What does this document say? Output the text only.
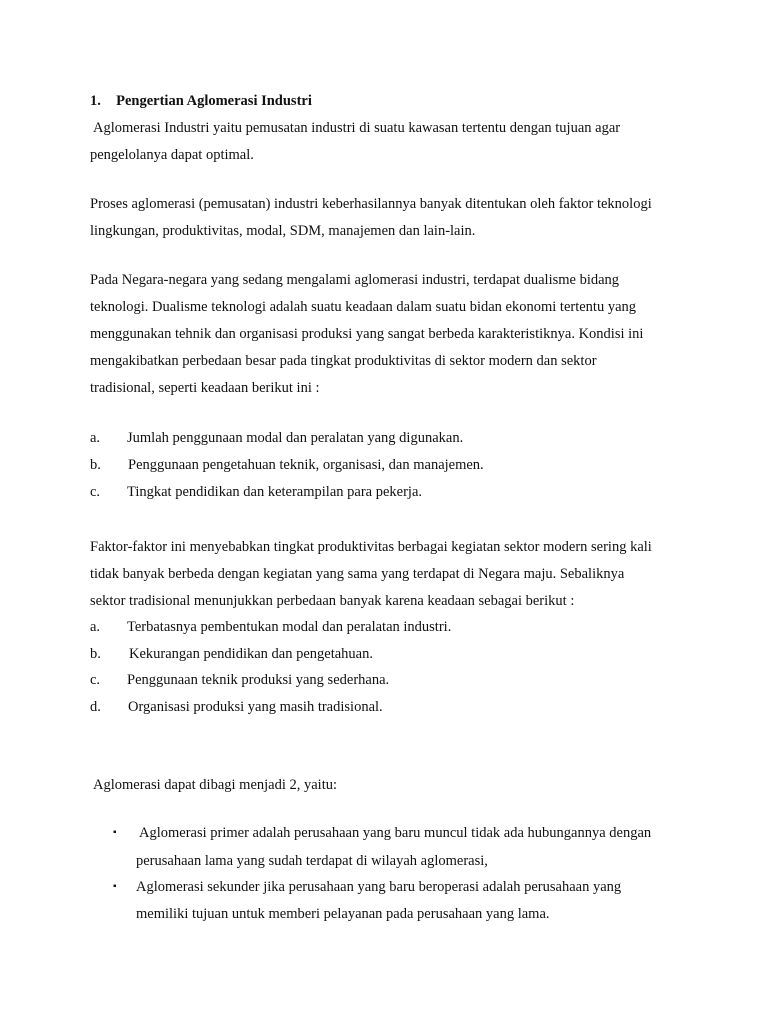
1. Pengertian Aglomerasi Industri
Aglomerasi Industri yaitu pemusatan industri di suatu kawasan tertentu dengan tujuan agar
pengelolanya dapat optimal.
Proses aglomerasi (pemusatan) industri keberhasilannya banyak ditentukan oleh faktor teknologi
lingkungan, produktivitas, modal, SDM, manajemen dan lain-lain.
Pada Negara-negara yang sedang mengalami aglomerasi industri, terdapat dualisme bidang
teknologi. Dualisme teknologi adalah suatu keadaan dalam suatu bidan ekonomi tertentu yang
menggunakan tehnik dan organisasi produksi yang sangat berbeda karakteristiknya. Kondisi ini
mengakibatkan perbedaan besar pada tingkat produktivitas di sektor modern dan sektor
tradisional, seperti keadaan berikut ini :
a. Jumlah penggunaan modal dan peralatan yang digunakan.
b. Penggunaan pengetahuan teknik, organisasi, dan manajemen.
c. Tingkat pendidikan dan keterampilan para pekerja.
Faktor-faktor ini menyebabkan tingkat produktivitas berbagai kegiatan sektor modern sering kali
tidak banyak berbeda dengan kegiatan yang sama yang terdapat di Negara maju. Sebaliknya
sektor tradisional menunjukkan perbedaan banyak karena keadaan sebagai berikut :
a. Terbatasnya pembentukan modal dan peralatan industri.
b. Kekurangan pendidikan dan pengetahuan.
c. Penggunaan teknik produksi yang sederhana.
d. Organisasi produksi yang masih tradisional.
Aglomerasi dapat dibagi menjadi 2, yaitu:
▪ Aglomerasi primer adalah perusahaan yang baru muncul tidak ada hubungannya dengan
perusahaan lama yang sudah terdapat di wilayah aglomerasi,
▪ Aglomerasi sekunder jika perusahaan yang baru beroperasi adalah perusahaan yang
memiliki tujuan untuk memberi pelayanan pada perusahaan yang lama.
